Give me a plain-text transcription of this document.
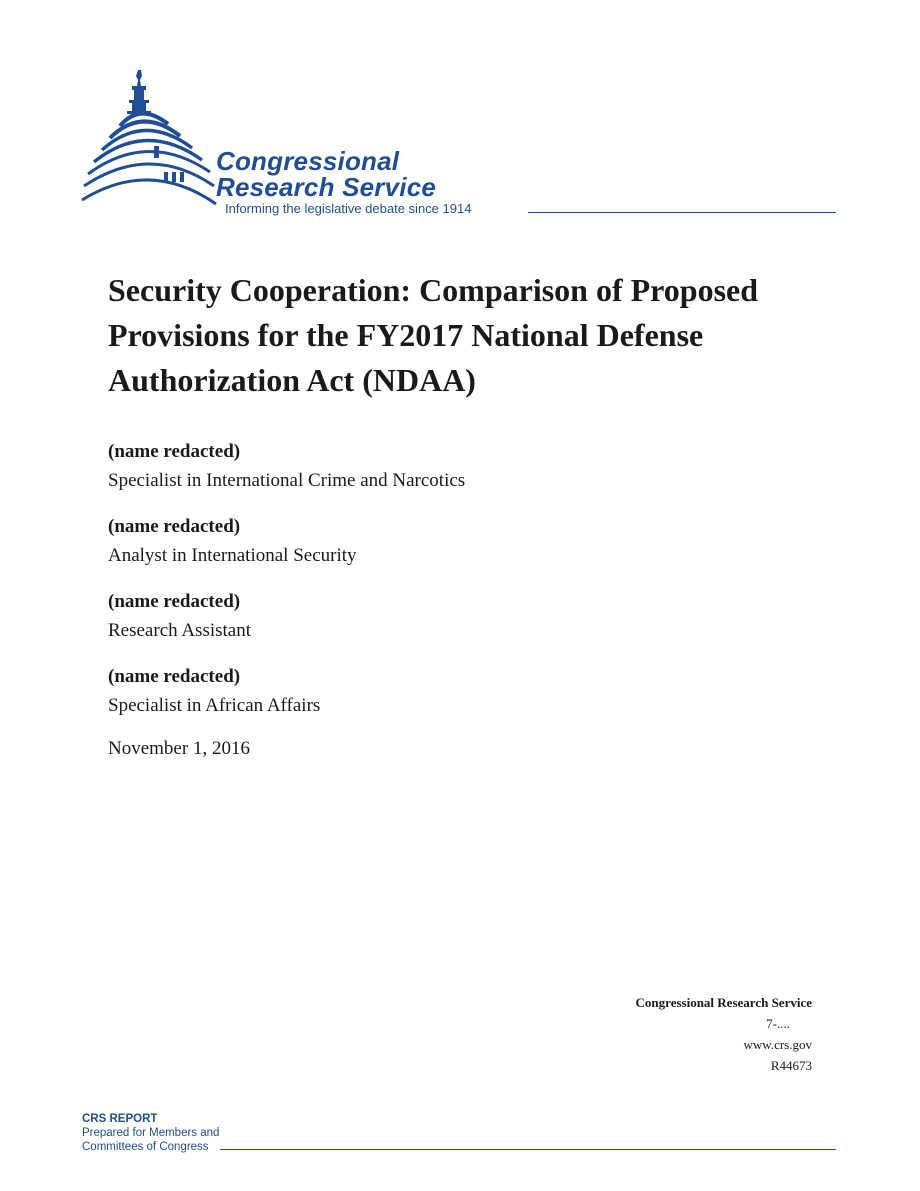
Congressional
Research Service
Informing the legislative debate since 1914
Security Cooperation: Comparison of Proposed Provisions for the FY2017 National Defense Authorization Act (NDAA)
(name redacted)
Specialist in International Crime and Narcotics
(name redacted)
Analyst in International Security
(name redacted)
Research Assistant
(name redacted)
Specialist in African Affairs
November 1, 2016
Congressional Research Service
7-....
www.crs.gov
R44673
CRS REPORT
Prepared for Members and
Committees of Congress
